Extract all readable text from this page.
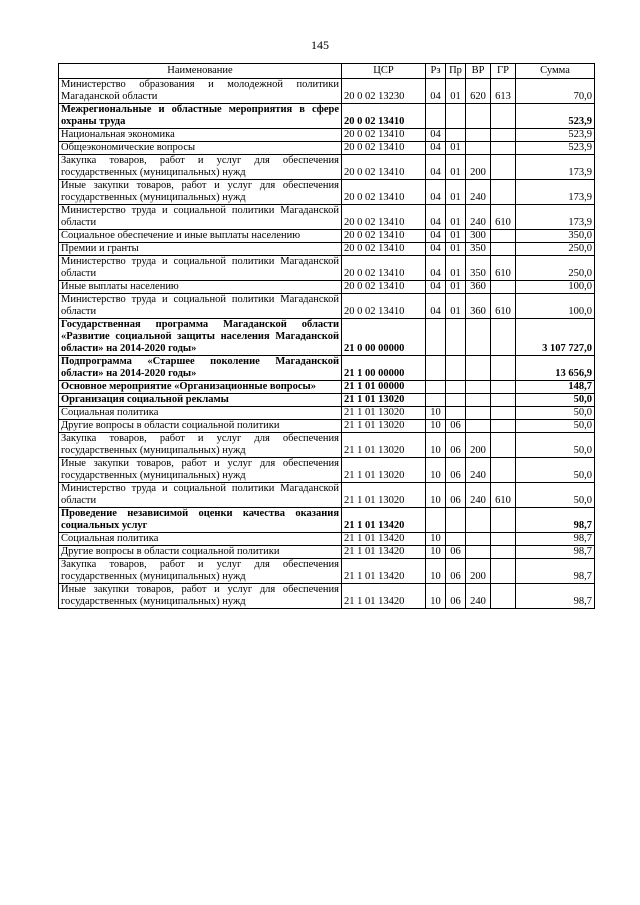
145
Наименование	ЦСР	Рз	Пр	ВР	ГР	Сумма
Министерство образования и молодежной политики Магаданской области	20 0 02 13230	04	01	620	613	70,0
Межрегиональные и областные мероприятия в сфере охраны труда	20 0 02 13410					523,9
Национальная экономика	20 0 02 13410	04				523,9
Общеэкономические вопросы	20 0 02 13410	04	01			523,9
Закупка товаров, работ и услуг для обеспечения государственных (муниципальных) нужд	20 0 02 13410	04	01	200		173,9
Иные закупки товаров, работ и услуг для обеспечения государственных (муниципальных) нужд	20 0 02 13410	04	01	240		173,9
Министерство труда и социальной политики Магаданской области	20 0 02 13410	04	01	240	610	173,9
Социальное обеспечение и иные выплаты населению	20 0 02 13410	04	01	300		350,0
Премии и гранты	20 0 02 13410	04	01	350		250,0
Министерство труда и социальной политики Магаданской области	20 0 02 13410	04	01	350	610	250,0
Иные выплаты населению	20 0 02 13410	04	01	360		100,0
Министерство труда и социальной политики Магаданской области	20 0 02 13410	04	01	360	610	100,0
Государственная программа Магаданской области «Развитие социальной защиты населения Магаданской области» на 2014-2020 годы»	21 0 00 00000					3 107 727,0
Подпрограмма «Старшее поколение Магаданской области» на 2014-2020 годы»	21 1 00 00000					13 656,9
Основное мероприятие «Организационные вопросы»	21 1 01 00000					148,7
Организация социальной рекламы	21 1 01 13020					50,0
Социальная политика	21 1 01 13020	10				50,0
Другие вопросы в области социальной политики	21 1 01 13020	10	06			50,0
Закупка товаров, работ и услуг для обеспечения государственных (муниципальных) нужд	21 1 01 13020	10	06	200		50,0
Иные закупки товаров, работ и услуг для обеспечения государственных (муниципальных) нужд	21 1 01 13020	10	06	240		50,0
Министерство труда и социальной политики Магаданской области	21 1 01 13020	10	06	240	610	50,0
Проведение независимой оценки качества оказания социальных услуг	21 1 01 13420					98,7
Социальная политика	21 1 01 13420	10				98,7
Другие вопросы в области социальной политики	21 1 01 13420	10	06			98,7
Закупка товаров, работ и услуг для обеспечения государственных (муниципальных) нужд	21 1 01 13420	10	06	200		98,7
Иные закупки товаров, работ и услуг для обеспечения государственных (муниципальных) нужд	21 1 01 13420	10	06	240		98,7
